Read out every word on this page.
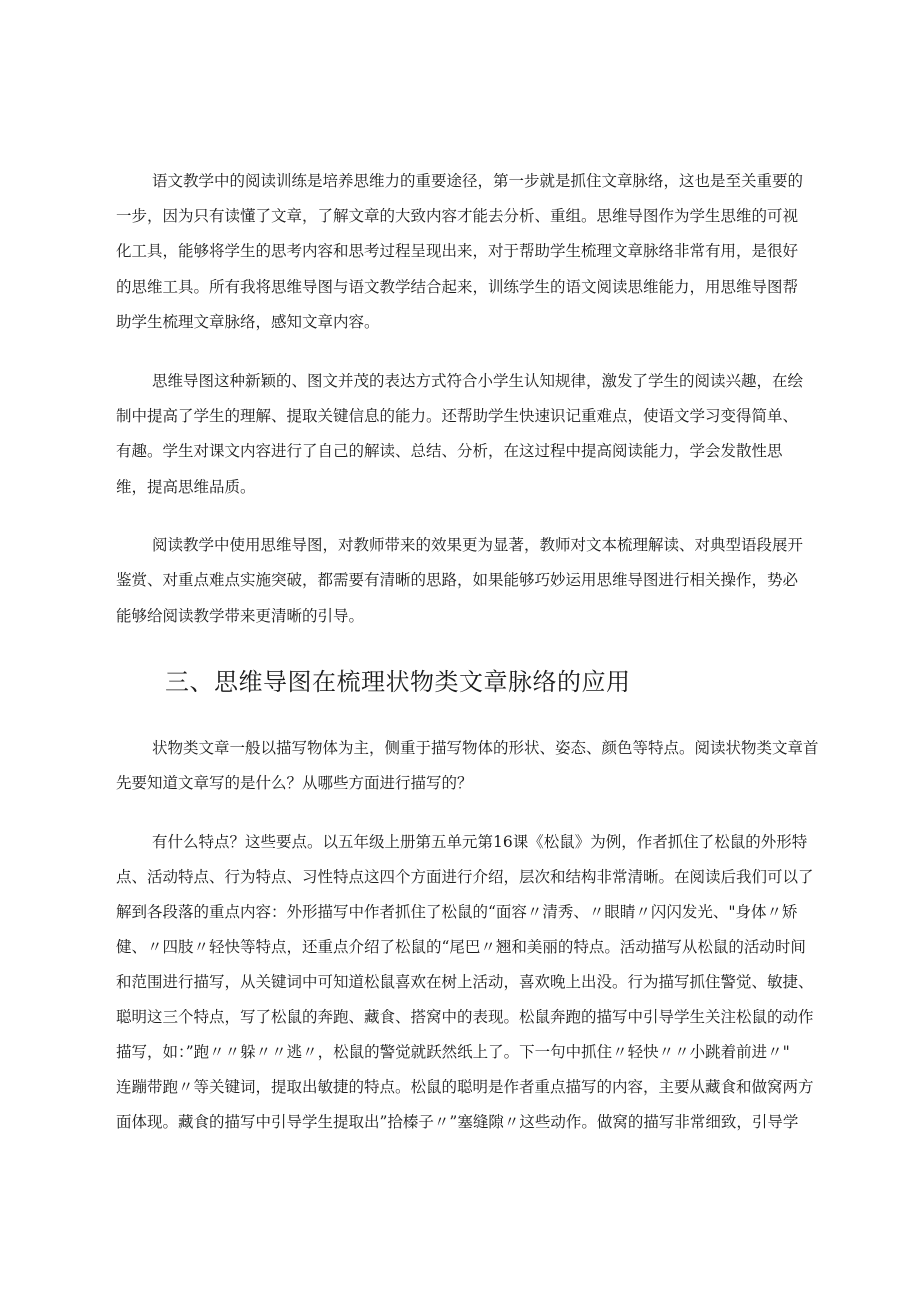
语文教学中的阅读训练是培养思维力的重要途径，第一步就是抓住文章脉络，这也是至关重要的
一步，因为只有读懂了文章，了解文章的大致内容才能去分析、重组。思维导图作为学生思维的可视
化工具，能够将学生的思考内容和思考过程呈现出来，对于帮助学生梳理文章脉络非常有用，是很好
的思维工具。所有我将思维导图与语文教学结合起来，训练学生的语文阅读思维能力，用思维导图帮
助学生梳理文章脉络，感知文章内容。
思维导图这种新颖的、图文并茂的表达方式符合小学生认知规律，激发了学生的阅读兴趣，在绘
制中提高了学生的理解、提取关键信息的能力。还帮助学生快速识记重难点，使语文学习变得简单、
有趣。学生对课文内容进行了自己的解读、总结、分析，在这过程中提高阅读能力，学会发散性思
维，提高思维品质。
阅读教学中使用思维导图，对教师带来的效果更为显著，教师对文本梳理解读、对典型语段展开
鉴赏、对重点难点实施突破，都需要有清晰的思路，如果能够巧妙运用思维导图进行相关操作，势必
能够给阅读教学带来更清晰的引导。
三、思维导图在梳理状物类文章脉络的应用
状物类文章一般以描写物体为主，侧重于描写物体的形状、姿态、颜色等特点。阅读状物类文章首
先要知道文章写的是什么？从哪些方面进行描写的？
有什么特点？这些要点。以五年级上册第五单元第16课《松鼠》为例，作者抓住了松鼠的外形特
点、活动特点、行为特点、习性特点这四个方面进行介绍，层次和结构非常清晰。在阅读后我们可以了
解到各段落的重点内容：外形描写中作者抓住了松鼠的“面容〃清秀、〃眼睛〃闪闪发光、"身体〃矫
健、〃四肢〃轻快等特点，还重点介绍了松鼠的“尾巴〃翘和美丽的特点。活动描写从松鼠的活动时间
和范围进行描写，从关键词中可知道松鼠喜欢在树上活动，喜欢晚上出没。行为描写抓住警觉、敏捷、
聪明这三个特点，写了松鼠的奔跑、藏食、搭窝中的表现。松鼠奔跑的描写中引导学生关注松鼠的动作
描写，如：”跑〃〃躲〃〃逃〃，松鼠的警觉就跃然纸上了。下一句中抓住〃轻快〃〃小跳着前进〃"
连蹦带跑〃等关键词，提取出敏捷的特点。松鼠的聪明是作者重点描写的内容，主要从藏食和做窝两方
面体现。藏食的描写中引导学生提取出”拾榛子〃”塞缝隙〃这些动作。做窝的描写非常细致，引导学
